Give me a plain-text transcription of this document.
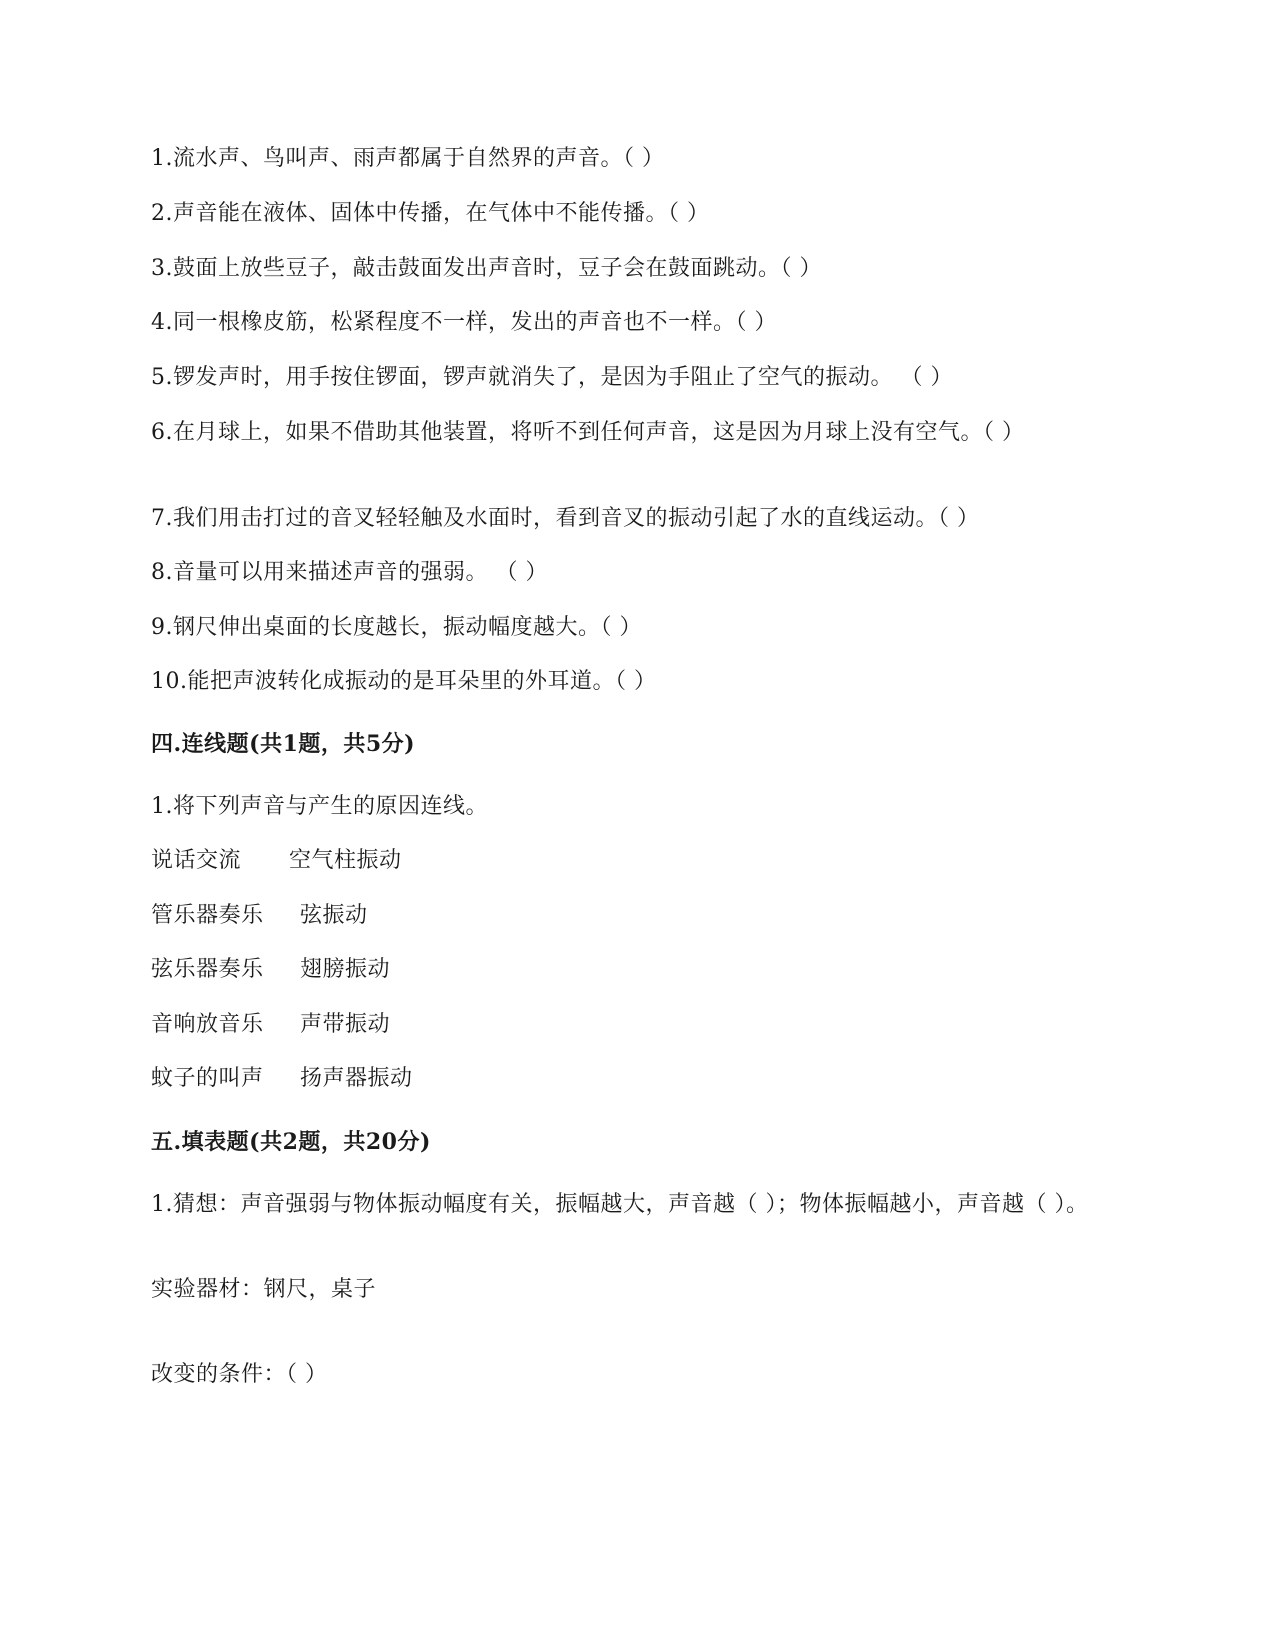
1.流水声、鸟叫声、雨声都属于自然界的声音。（ ）
2.声音能在液体、固体中传播，在气体中不能传播。（ ）
3.鼓面上放些豆子，敲击鼓面发出声音时，豆子会在鼓面跳动。（ ）
4.同一根橡皮筋，松紧程度不一样，发出的声音也不一样。（ ）
5.锣发声时，用手按住锣面，锣声就消失了，是因为手阻止了空气的振动。 （ ）
6.在月球上，如果不借助其他装置，将听不到任何声音，这是因为月球上没有空气。（ ）
7.我们用击打过的音叉轻轻触及水面时，看到音叉的振动引起了水的直线运动。（ ）
8.音量可以用来描述声音的强弱。 （ ）
9.钢尺伸出桌面的长度越长，振动幅度越大。（ ）
10.能把声波转化成振动的是耳朵里的外耳道。（ ）
四.连线题(共1题，共5分)
1.将下列声音与产生的原因连线。
说话交流 空气柱振动
管乐器奏乐 弦振动
弦乐器奏乐 翅膀振动
音响放音乐 声带振动
蚊子的叫声 扬声器振动
五.填表题(共2题，共20分)
1.猜想：声音强弱与物体振动幅度有关，振幅越大，声音越（ ）；物体振幅越小，声音越（ ）。
实验器材：钢尺，桌子
改变的条件：（ ）
